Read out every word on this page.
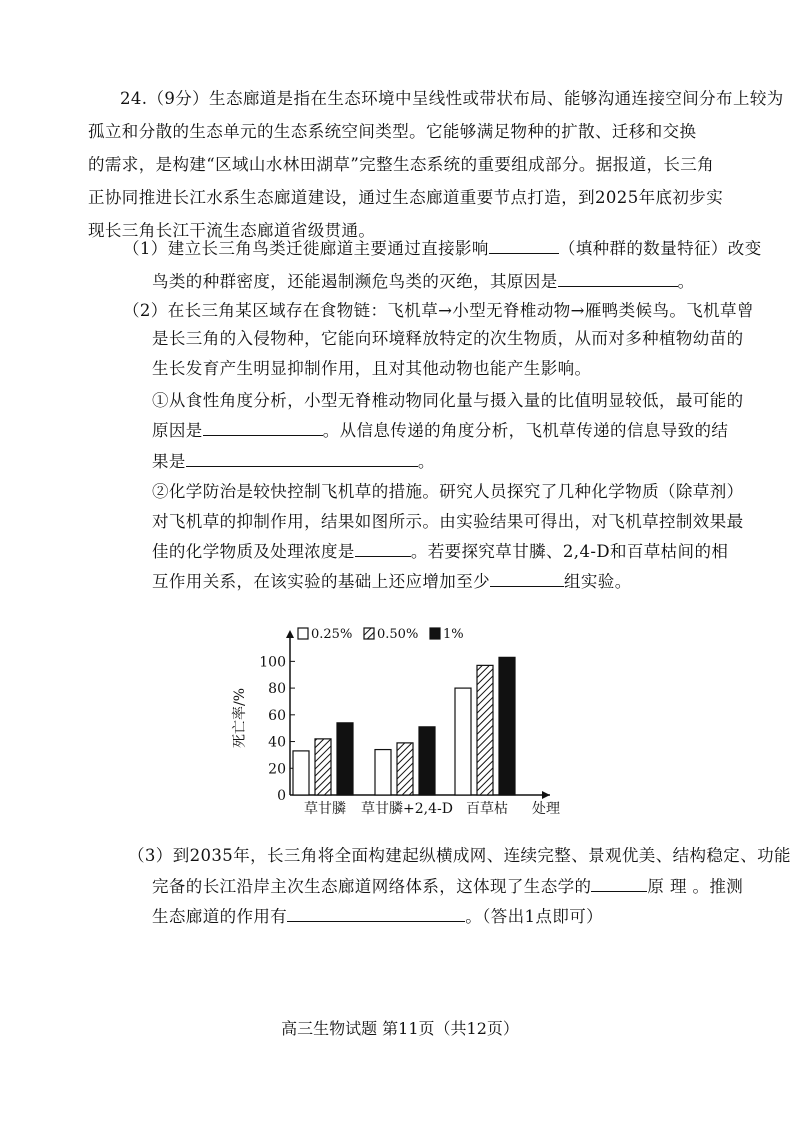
24.（9分）生态廊道是指在生态环境中呈线性或带状布局、能够沟通连接空间分布上较为
孤立和分散的生态单元的生态系统空间类型。它能够满足物种的扩散、迁移和交换
的需求，是构建“区域山水林田湖草”完整生态系统的重要组成部分。据报道，长三角
正协同推进长江水系生态廊道建设，通过生态廊道重要节点打造，到2025年底初步实
现长三角长江干流生态廊道省级贯通。
（1）建立长三角鸟类迁徙廊道主要通过直接影响	（填种群的数量特征）改变
鸟类的种群密度，还能遏制濒危鸟类的灭绝，其原因是	。
（2）在长三角某区域存在食物链：飞机草→小型无脊椎动物→雁鸭类候鸟。飞机草曾
是长三角的入侵物种，它能向环境释放特定的次生物质，从而对多种植物幼苗的
生长发育产生明显抑制作用，且对其他动物也能产生影响。
①从食性角度分析，小型无脊椎动物同化量与摄入量的比值明显较低，最可能的
原因是	。从信息传递的角度分析，飞机草传递的信息导致的结
果是	。
②化学防治是较快控制飞机草的措施。研究人员探究了几种化学物质（除草剂）
对飞机草的抑制作用，结果如图所示。由实验结果可得出，对飞机草控制效果最
佳的化学物质及处理浓度是	。若要探究草甘膦、2,4-D和百草枯间的相
互作用关系，在该实验的基础上还应增加至少	组实验。
0
20
40
60
80
100
死亡率/%
草甘膦 草甘膦+2,4-D 百草枯 处理
0.25% 0.50% 1%
（3）到2035年，长三角将全面构建起纵横成网、连续完整、景观优美、结构稳定、功能
完备的长江沿岸主次生态廊道网络体系，这体现了生态学的	原 理 。推测
生态廊道的作用有	。（答出1点即可）
高三生物试题 第11页（共12页）
